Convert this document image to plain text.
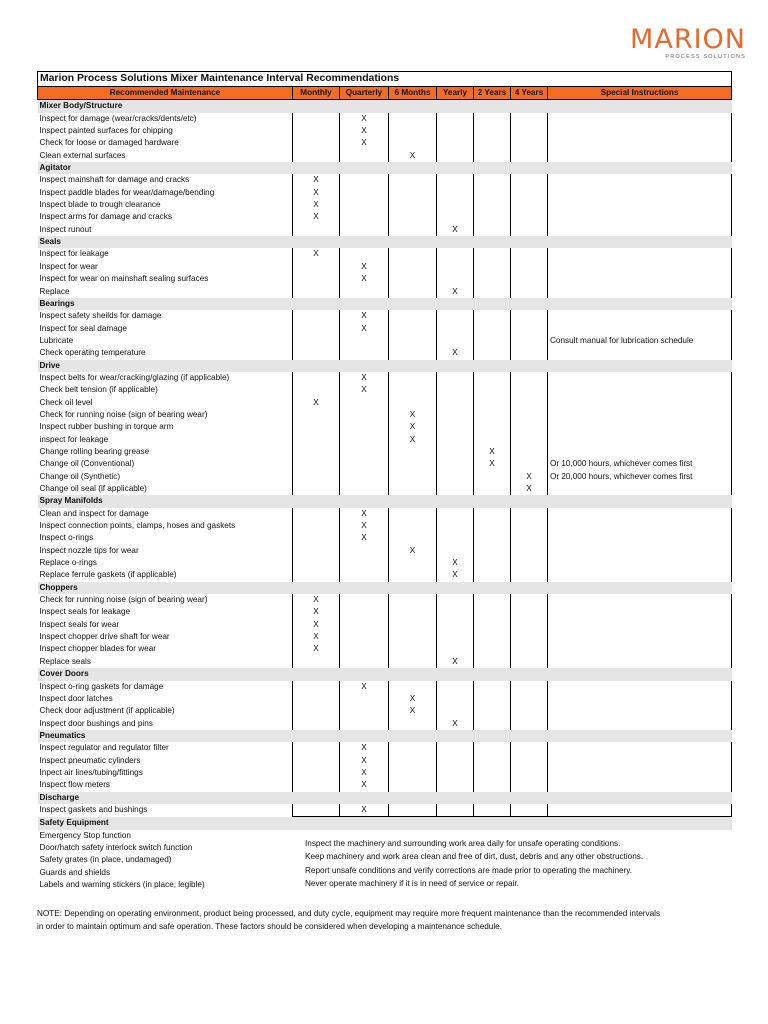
MARION
PROCESS SOLUTIONS
Marion Process Solutions Mixer Maintenance Interval Recommendations							
Recommended Maintenance	Monthly	Quarterly	6 Months	Yearly	2 Years	4 Years	Special Instructions
Mixer Body/Structure							
Inspect for damage (wear/cracks/dents/etc)		X					
Inspect painted surfaces for chipping		X					
Check for loose or damaged hardware		X					
Clean external surfaces			X				
Agitator							
Inspect mainshaft for damage and cracks	X						
Inspect paddle blades for wear/damage/bending	X						
Inspect blade to trough clearance	X						
Inspect arms for damage and cracks	X						
Inspect runout				X			
Seals							
Inspect for leakage	X						
Inspect for wear		X					
Inspect for wear on mainshaft sealing surfaces		X					
Replace				X			
Bearings							
Inspect safety sheilds for damage		X					
Inspect for seal damage		X					
Lubricate							Consult manual for lubrication schedule
Check operating temperature				X			
Drive							
Inspect belts for wear/cracking/glazing (if applicable)		X					
Check belt tension (if applicable)		X					
Check oil level	X						
Check for running noise (sign of bearing wear)			X				
Inspect rubber bushing in torque arm			X				
inspect for leakage			X				
Change rolling bearing grease					X		
Change oil (Conventional)					X		Or 10,000 hours, whichever comes first
Change oil (Synthetic)						X	Or 20,000 hours, whichever comes first
Change oil seal (if applicable)						X	
Spray Manifolds							
Clean and inspect for damage		X					
Inspect connection points, clamps, hoses and gaskets		X					
Inspect o-rings		X					
Inspect nozzle tips for wear			X				
Replace o-rings				X			
Replace ferrule gaskets (if applicable)				X			
Choppers							
Check for running noise (sign of bearing wear)	X						
Inspect seals for leakage	X						
Inspect seals for wear	X						
Inspect chopper drive shaft for wear	X						
Inspect chopper blades for wear	X						
Replace seals				X			
Cover Doors							
Inspect o-ring gaskets for damage		X					
Inspect door latches			X				
Check door adjustment (if applicable)			X				
Inspect door bushings and pins				X			
Pneumatics							
Inspect regulator and regulator filter		X					
Inspect pneumatic cylinders		X					
Inpect air lines/tubing/fittings		X					
Inspect flow meters		X					
Discharge							
Inspect gaskets and bushings		X					
Safety Equipment							
Emergency Stop function							
Door/hatch safety interlock switch function							
Safety grates (in place, undamaged)							
Guards and shields							
Labels and warning stickers (in place, legible)							
Inspect the machinery and surrounding work area daily for unsafe operating conditions.
Keep machinery and work area clean and free of dirt, dust, debris and any other obstructions.
Report unsafe conditions and verify corrections are made prior to operating the machinery.
Never operate machinery if it is in need of service or repair.
NOTE: Depending on operating environment, product being processed, and duty cycle, equipment may require more frequent maintenance than the recommended intervals
in order to maintain optimum and safe operation. These factors should be considered when developing a maintenance schedule.
